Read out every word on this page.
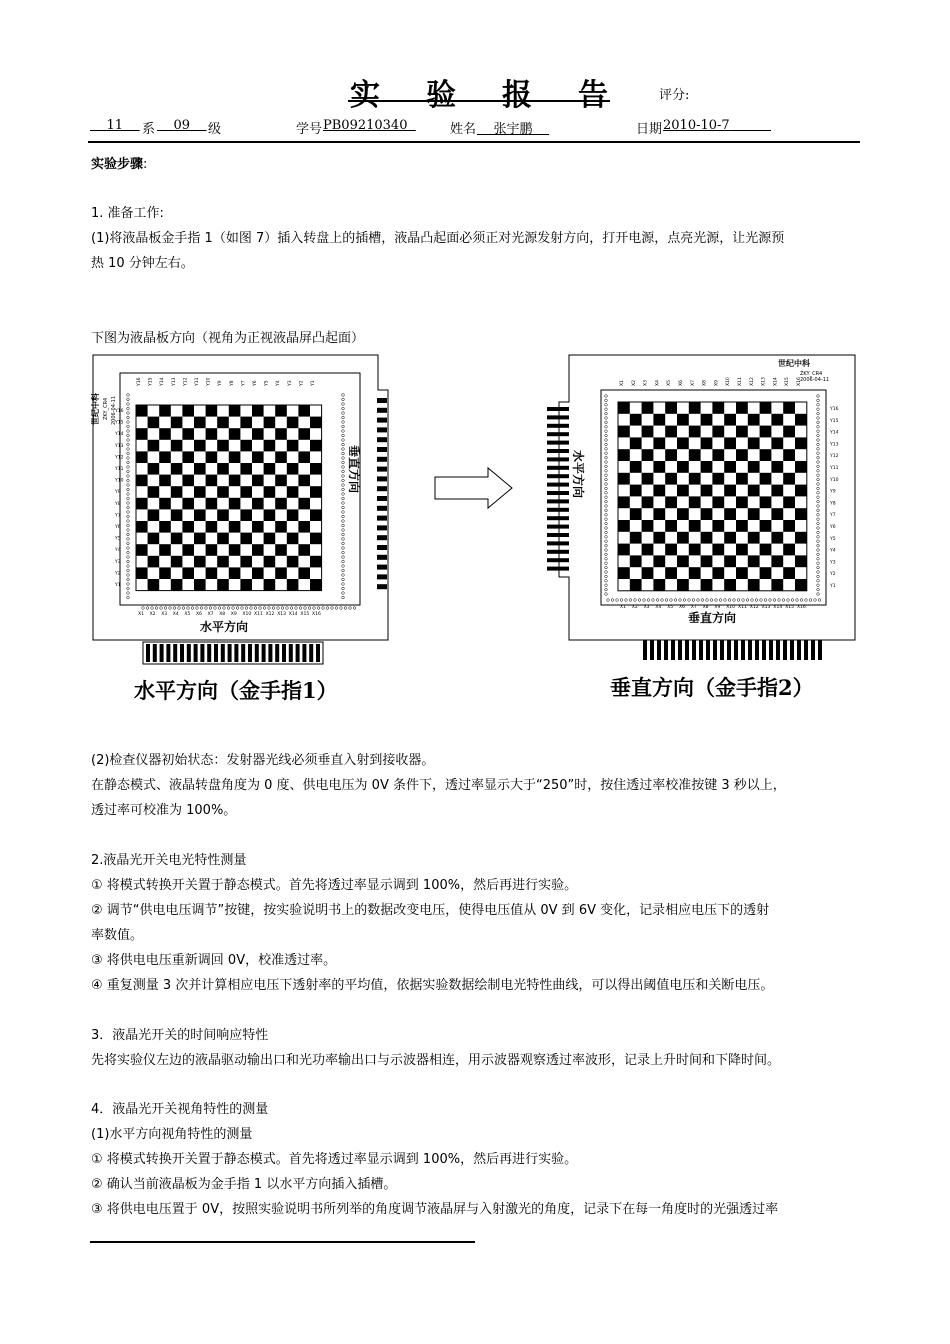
实 验 报 告	评分:
11	系	09	级	学号 PB09210340	姓名	张宇鹏	日期 2010-10-7
实验步骤:
1. 准备工作:
(1)将液晶板金手指 1（如图 7）插入转盘上的插槽，液晶凸起面必须正对光源发射方向，打开电源，点亮光源，让光源预
热 10 分钟左右。
下图为液晶板方向（视角为正视液晶屏凸起面）
Y16
Y15
Y14
Y13
Y12
Y11
Y10
Y9
Y8
Y7
Y6
Y5
Y4
Y3
Y2
Y1
X1 X2 X3 X4 X5 X6 X7 X8 X9 X10 X11 X12 X13 X14 X15 X16
Y16 Y15 Y14 Y13 Y12 Y11 Y10 Y9 Y8 Y7 Y6 Y5 Y4 Y3 Y2 Y1
水平方向
垂直方向
世纪中科 ZKY_CR4 2006-04-11	Y16
Y15
Y14
Y13
Y12
Y11
Y10
Y9
Y8
Y7
Y6
Y5
Y4
Y3
Y2
Y1
X1 X2 X3 X4 X5 X6 X7 X8 X9 X10 X11 X12 X13 X14 X15 X16
X1 X2 X3 X4 X5 X6 X7 X8 X9 X10 X11 X12 X13 X14 X15 X16
垂直方向
水平方向
世纪中科
ZKY_CR4
2006-04-11
水平方向（金手指1）	垂直方向（金手指2）
(2)检查仪器初始状态：发射器光线必须垂直入射到接收器。
在静态模式、液晶转盘角度为 0 度、供电电压为 0V 条件下，透过率显示大于“250”时，按住透过率校准按键 3 秒以上，
透过率可校准为 100%。
2.液晶光开关电光特性测量
① 将模式转换开关置于静态模式。首先将透过率显示调到 100%，然后再进行实验。
② 调节“供电电压调节”按键，按实验说明书上的数据改变电压，使得电压值从 0V 到 6V 变化，记录相应电压下的透射
率数值。
③ 将供电电压重新调回 0V，校准透过率。
④ 重复测量 3 次并计算相应电压下透射率的平均值，依据实验数据绘制电光特性曲线，可以得出阈值电压和关断电压。
3．液晶光开关的时间响应特性
先将实验仪左边的液晶驱动输出口和光功率输出口与示波器相连，用示波器观察透过率波形，记录上升时间和下降时间。
4．液晶光开关视角特性的测量
(1)水平方向视角特性的测量
① 将模式转换开关置于静态模式。首先将透过率显示调到 100%，然后再进行实验。
② 确认当前液晶板为金手指 1 以水平方向插入插槽。
③ 将供电电压置于 0V，按照实验说明书所列举的角度调节液晶屏与入射激光的角度，记录下在每一角度时的光强透过率
